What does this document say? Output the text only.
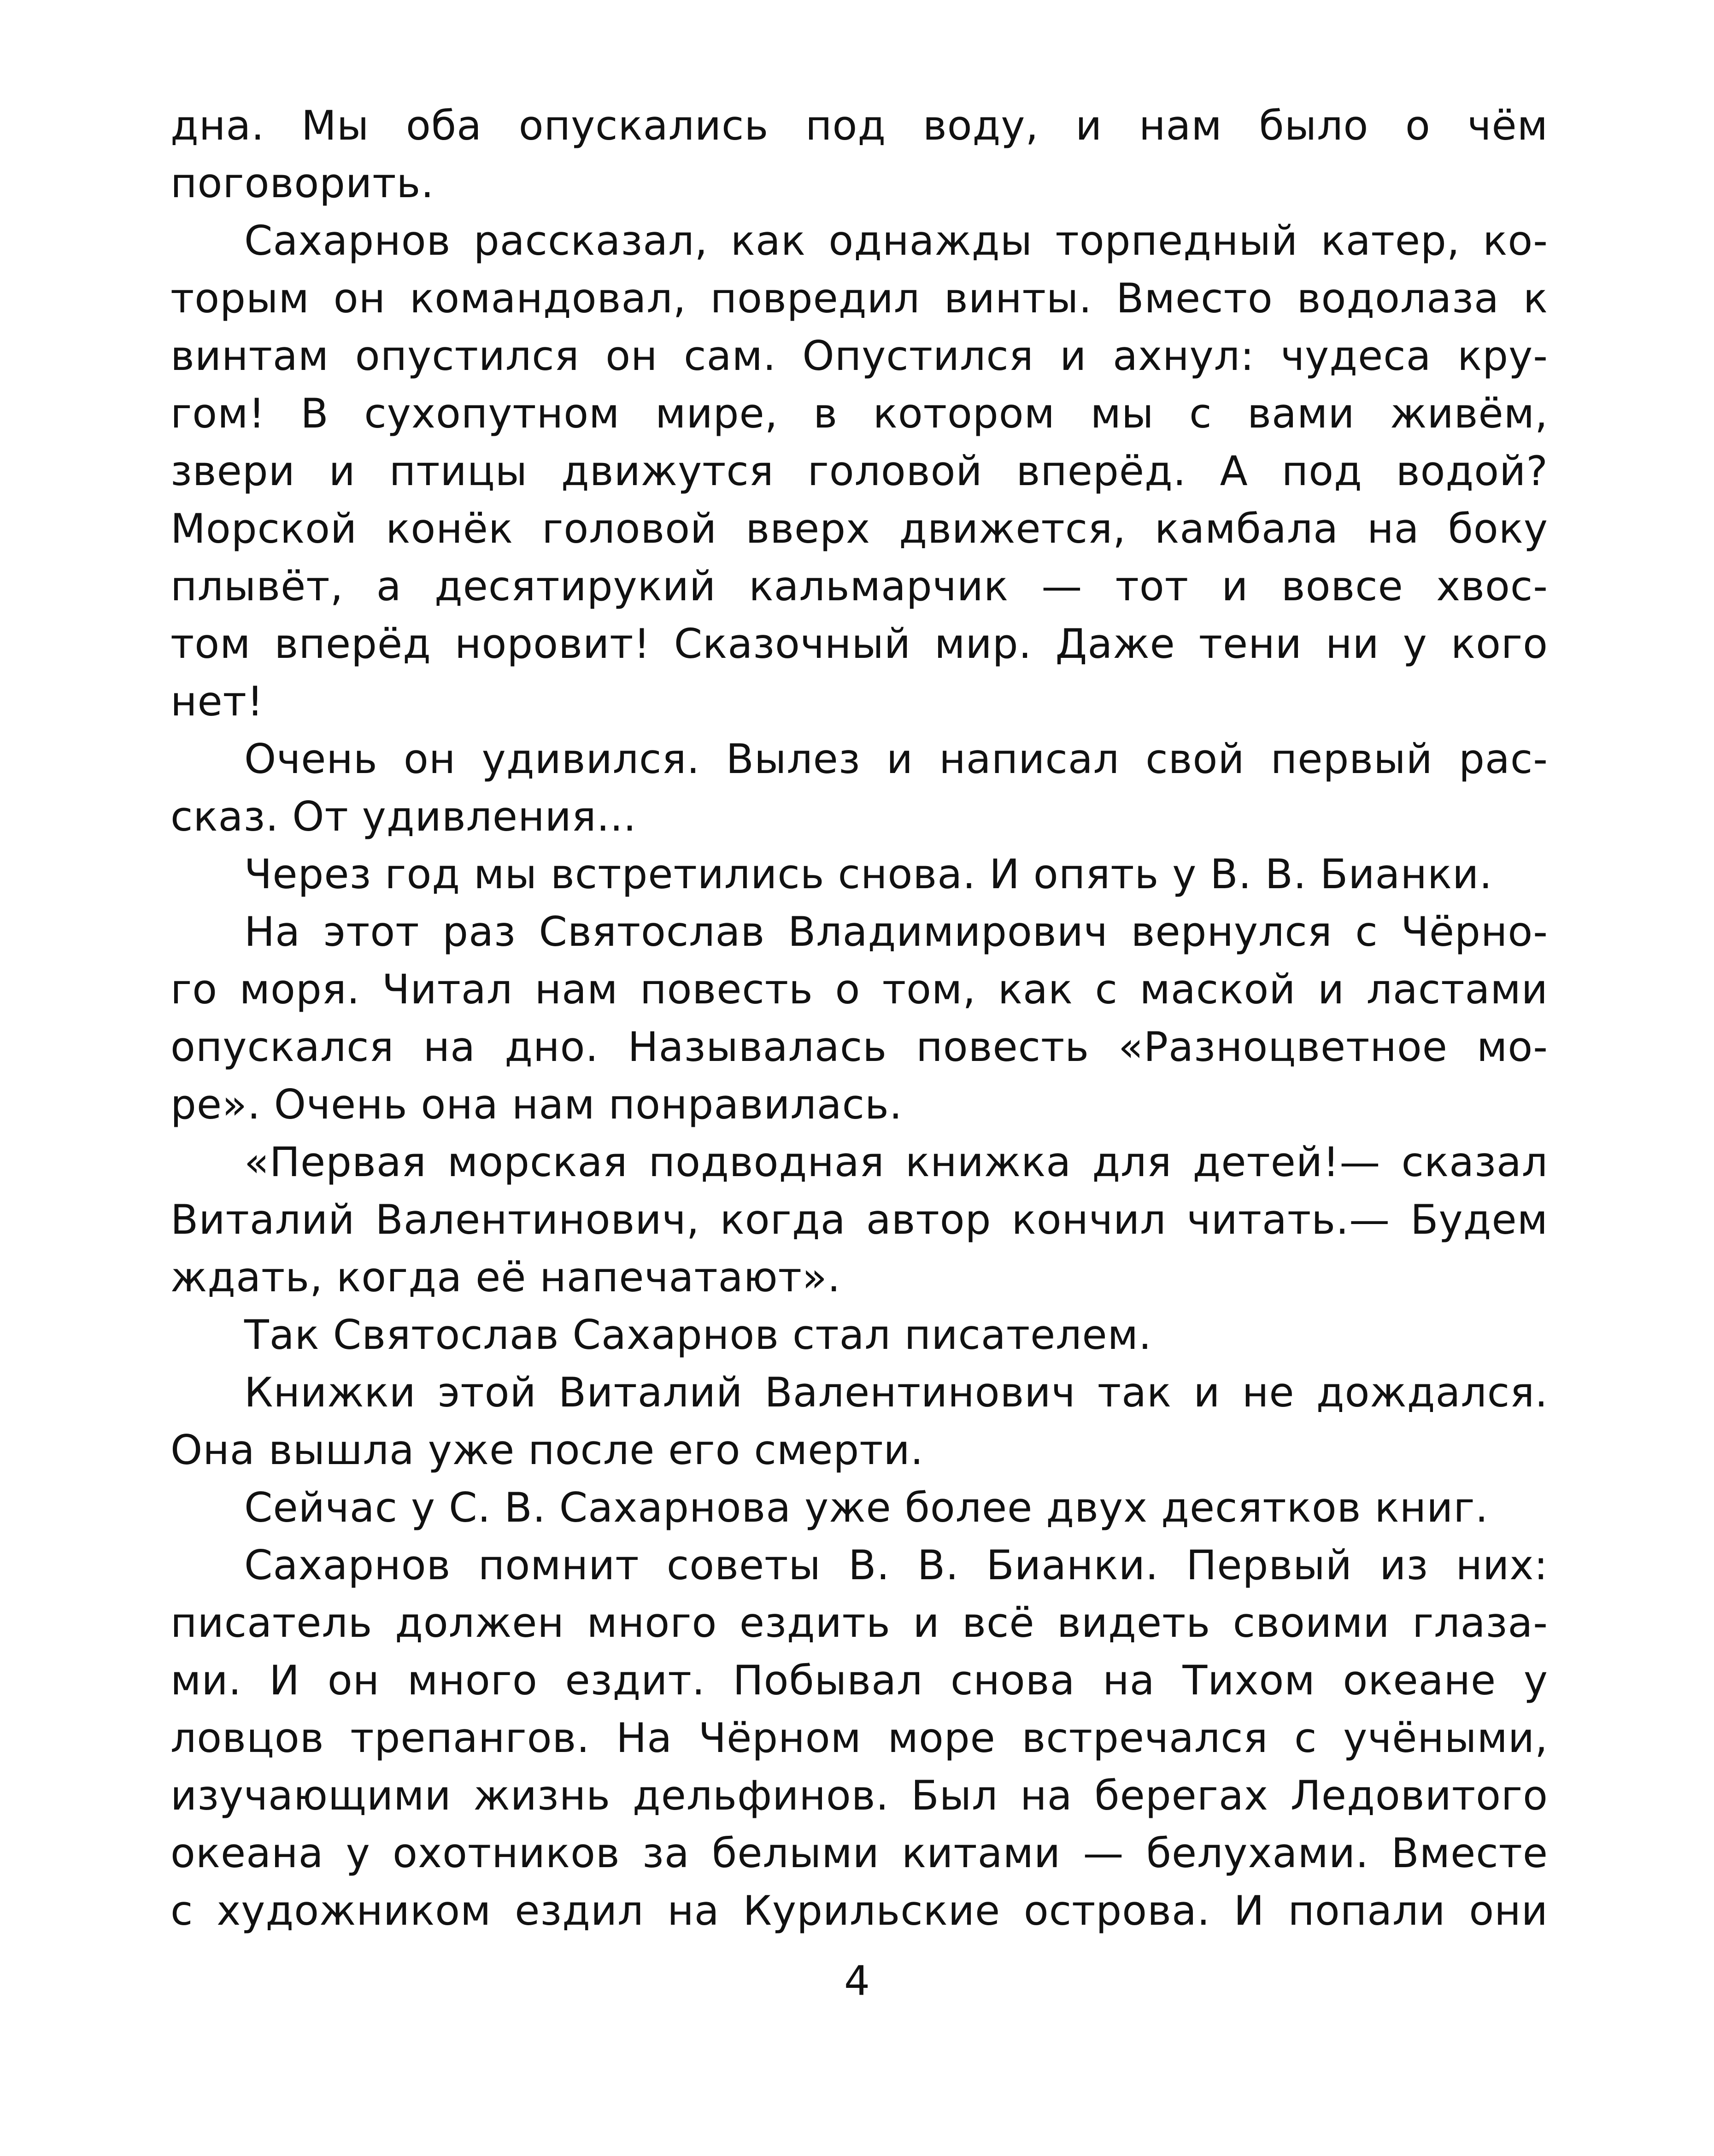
дна. Мы оба опускались под воду, и нам было о чём
поговорить.
Сахарнов рассказал, как однажды торпедный катер, ко-
торым он командовал, повредил винты. Вместо водолаза к
винтам опустился он сам. Опустился и ахнул: чудеса кру-
гом! В сухопутном мире, в котором мы с вами живём,
звери и птицы движутся головой вперёд. А под водой?
Морской конёк головой вверх движется, камбала на боку
плывёт, а десятирукий кальмарчик — тот и вовсе хвос-
том вперёд норовит! Сказочный мир. Даже тени ни у кого
нет!
Очень он удивился. Вылез и написал свой первый рас-
сказ. От удивления...
Через год мы встретились снова. И опять у В. В. Бианки.
На этот раз Святослав Владимирович вернулся с Чёрно-
го моря. Читал нам повесть о том, как с маской и ластами
опускался на дно. Называлась повесть «Разноцветное мо-
ре». Очень она нам понравилась.
«Первая морская подводная книжка для детей!— сказал
Виталий Валентинович, когда автор кончил читать.— Будем
ждать, когда её напечатают».
Так Святослав Сахарнов стал писателем.
Книжки этой Виталий Валентинович так и не дождался.
Она вышла уже после его смерти.
Сейчас у С. В. Сахарнова уже более двух десятков книг.
Сахарнов помнит советы В. В. Бианки. Первый из них:
писатель должен много ездить и всё видеть своими глаза-
ми. И он много ездит. Побывал снова на Тихом океане у
ловцов трепангов. На Чёрном море встречался с учёными,
изучающими жизнь дельфинов. Был на берегах Ледовитого
океана у охотников за белыми китами — белухами. Вместе
с художником ездил на Курильские острова. И попали они
4
